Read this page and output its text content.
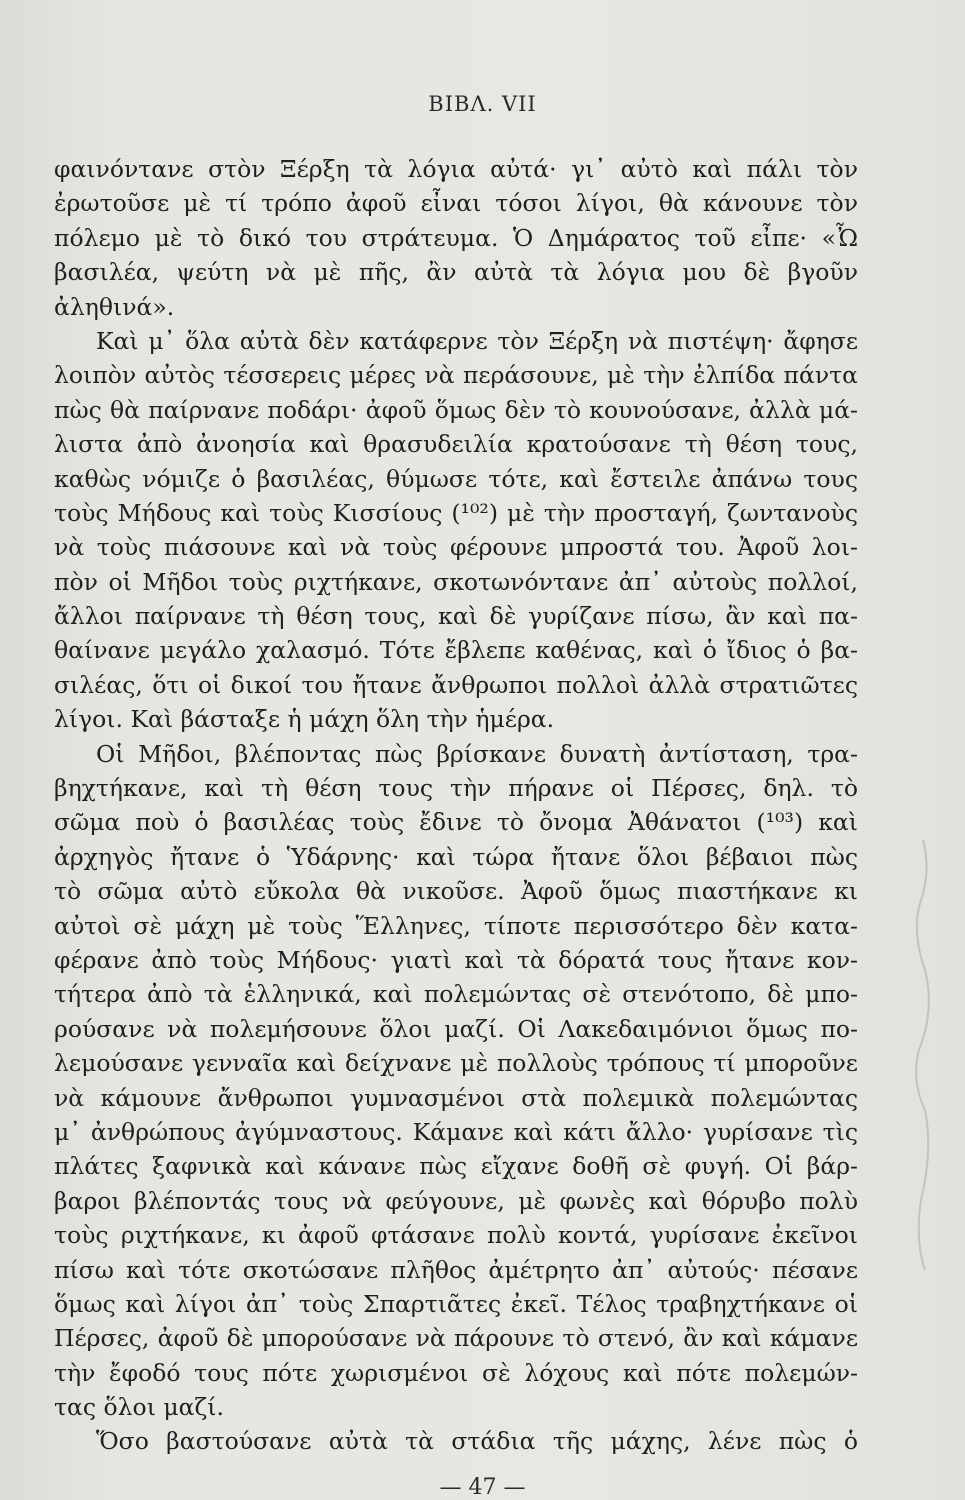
ΒΙΒΛ. VII
φαινόντανε στὸν Ξέρξη τὰ λόγια αὐτά· γι᾽ αὐτὸ καὶ πάλι τὸν
ἐρωτοῦσε μὲ τί τρόπο ἀφοῦ εἶναι τόσοι λίγοι, θὰ κάνουνε τὸν
πόλεμο μὲ τὸ δικό του στράτευμα. Ὁ Δημάρατος τοῦ εἶπε· «Ὦ
βασιλέα, ψεύτη νὰ μὲ πῆς, ἂν αὐτὰ τὰ λόγια μου δὲ βγοῦν
ἀληθινά».
Καὶ μ᾽ ὅλα αὐτὰ δὲν κατάφερνε τὸν Ξέρξη νὰ πιστέψη· ἄφησε
λοιπὸν αὐτὸς τέσσερεις μέρες νὰ περάσουνε, μὲ τὴν ἐλπίδα πάντα
πὼς θὰ παίρνανε ποδάρι· ἀφοῦ ὅμως δὲν τὸ κουνούσανε, ἀλλὰ μά-
λιστα ἀπὸ ἀνοησία καὶ θρασυδειλία κρατούσανε τὴ θέση τους,
καθὼς νόμιζε ὁ βασιλέας, θύμωσε τότε, καὶ ἔστειλε ἀπάνω τους
τοὺς Μήδους καὶ τοὺς Κισσίους (¹⁰²) μὲ τὴν προσταγή, ζωντανοὺς
νὰ τοὺς πιάσουνε καὶ νὰ τοὺς φέρουνε μπροστά του. Ἀφοῦ λοι-
πὸν οἱ Μῆδοι τοὺς ριχτήκανε, σκοτωνόντανε ἀπ᾽ αὐτοὺς πολλοί,
ἄλλοι παίρνανε τὴ θέση τους, καὶ δὲ γυρίζανε πίσω, ἂν καὶ πα-
θαίνανε μεγάλο χαλασμό. Τότε ἔβλεπε καθένας, καὶ ὁ ἴδιος ὁ βα-
σιλέας, ὅτι οἱ δικοί του ἤτανε ἄνθρωποι πολλοὶ ἀλλὰ στρατιῶτες
λίγοι. Καὶ βάσταξε ἡ μάχη ὅλη τὴν ἡμέρα.
Οἱ Μῆδοι, βλέποντας πὼς βρίσκανε δυνατὴ ἀντίσταση, τρα-
βηχτήκανε, καὶ τὴ θέση τους τὴν πήρανε οἱ Πέρσες, δηλ. τὸ
σῶμα ποὺ ὁ βασιλέας τοὺς ἔδινε τὸ ὄνομα Ἀθάνατοι (¹⁰³) καὶ
ἀρχηγὸς ἤτανε ὁ Ὑδάρνης· καὶ τώρα ἤτανε ὅλοι βέβαιοι πὼς
τὸ σῶμα αὐτὸ εὔκολα θὰ νικοῦσε. Ἀφοῦ ὅμως πιαστήκανε κι
αὐτοὶ σὲ μάχη μὲ τοὺς Ἕλληνες, τίποτε περισσότερο δὲν κατα-
φέρανε ἀπὸ τοὺς Μήδους· γιατὶ καὶ τὰ δόρατά τους ἤτανε κον-
τήτερα ἀπὸ τὰ ἑλληνικά, καὶ πολεμώντας σὲ στενότοπο, δὲ μπο-
ρούσανε νὰ πολεμήσουνε ὅλοι μαζί. Οἱ Λακεδαιμόνιοι ὅμως πο-
λεμούσανε γενναῖα καὶ δείχνανε μὲ πολλοὺς τρόπους τί μποροῦνε
νὰ κάμουνε ἄνθρωποι γυμνασμένοι στὰ πολεμικὰ πολεμώντας
μ᾽ ἀνθρώπους ἀγύμναστους. Κάμανε καὶ κάτι ἄλλο· γυρίσανε τὶς
πλάτες ξαφνικὰ καὶ κάνανε πὼς εἴχανε δοθῆ σὲ φυγή. Οἱ βάρ-
βαροι βλέποντάς τους νὰ φεύγουνε, μὲ φωνὲς καὶ θόρυβο πολὺ
τοὺς ριχτήκανε, κι ἀφοῦ φτάσανε πολὺ κοντά, γυρίσανε ἐκεῖνοι
πίσω καὶ τότε σκοτώσανε πλῆθος ἀμέτρητο ἀπ᾽ αὐτούς· πέσανε
ὅμως καὶ λίγοι ἀπ᾽ τοὺς Σπαρτιᾶτες ἐκεῖ. Τέλος τραβηχτήκανε οἱ
Πέρσες, ἀφοῦ δὲ μπορούσανε νὰ πάρουνε τὸ στενό, ἂν καὶ κάμανε
τὴν ἔφοδό τους πότε χωρισμένοι σὲ λόχους καὶ πότε πολεμών-
τας ὅλοι μαζί.
Ὅσο βαστούσανε αὐτὰ τὰ στάδια τῆς μάχης, λένε πὼς ὁ
— 47 —
